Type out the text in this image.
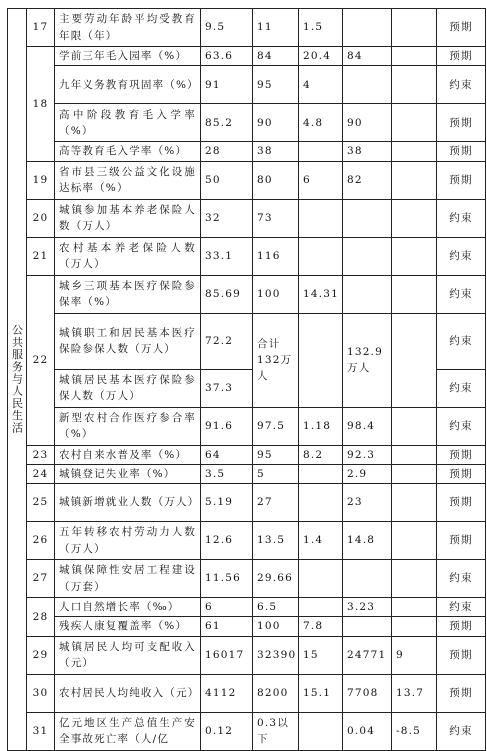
公共服务与人民生活	17	主要劳动年龄平均受教育年限（年）	9.5	11	1.5			预期
	18	学前三年毛入园率（%）	63.6	84	20.4	84		预期
		九年义务教育巩固率（%）	91	95	4			约束
		高中阶段教育毛入学率（%）	85.2	90	4.8	90		预期
		高等教育毛入学率（%）	28	38		38		预期
	19	省市县三级公益文化设施达标率（%）	50	80	6	82		预期
	20	城镇参加基本养老保险人数（万人）	32	73				约束
	21	农村基本养老保险人数（万人）	33.1	116				约束
	22	城乡三项基本医疗保险参保率（%）	85.69	100	14.31			约束
		城镇职工和居民基本医疗保险参保人数（万人）	72.2	合计132万人		132.9万人		约束
		城镇居民基本医疗保险参保人数（万人）	37.3					约束
		新型农村合作医疗参合率（%）	91.6	97.5	1.18	98.4		约束
	23	农村自来水普及率（%）	64	95	8.2	92.3		预期
	24	城镇登记失业率（%）	3.5	5		2.9		预期
	25	城镇新增就业人数（万人）	5.19	27		23		预期
	26	五年转移农村劳动力人数（万人）	12.6	13.5	1.4	14.8		预期
	27	城镇保障性安居工程建设（万套）	11.56	29.66				约束
	28	人口自然增长率（‰）	6	6.5		3.23		约束
		残疾人康复覆盖率（%）	61	100	7.8			预期
	29	城镇居民人均可支配收入（元）	16017	32390	15	24771	9	预期
	30	农村居民人均纯收入（元）	4112	8200	15.1	7708	13.7	预期
	31	亿元地区生产总值生产安全事故死亡率（人/亿	0.12	0.3以下		0.04	-8.5	约束
